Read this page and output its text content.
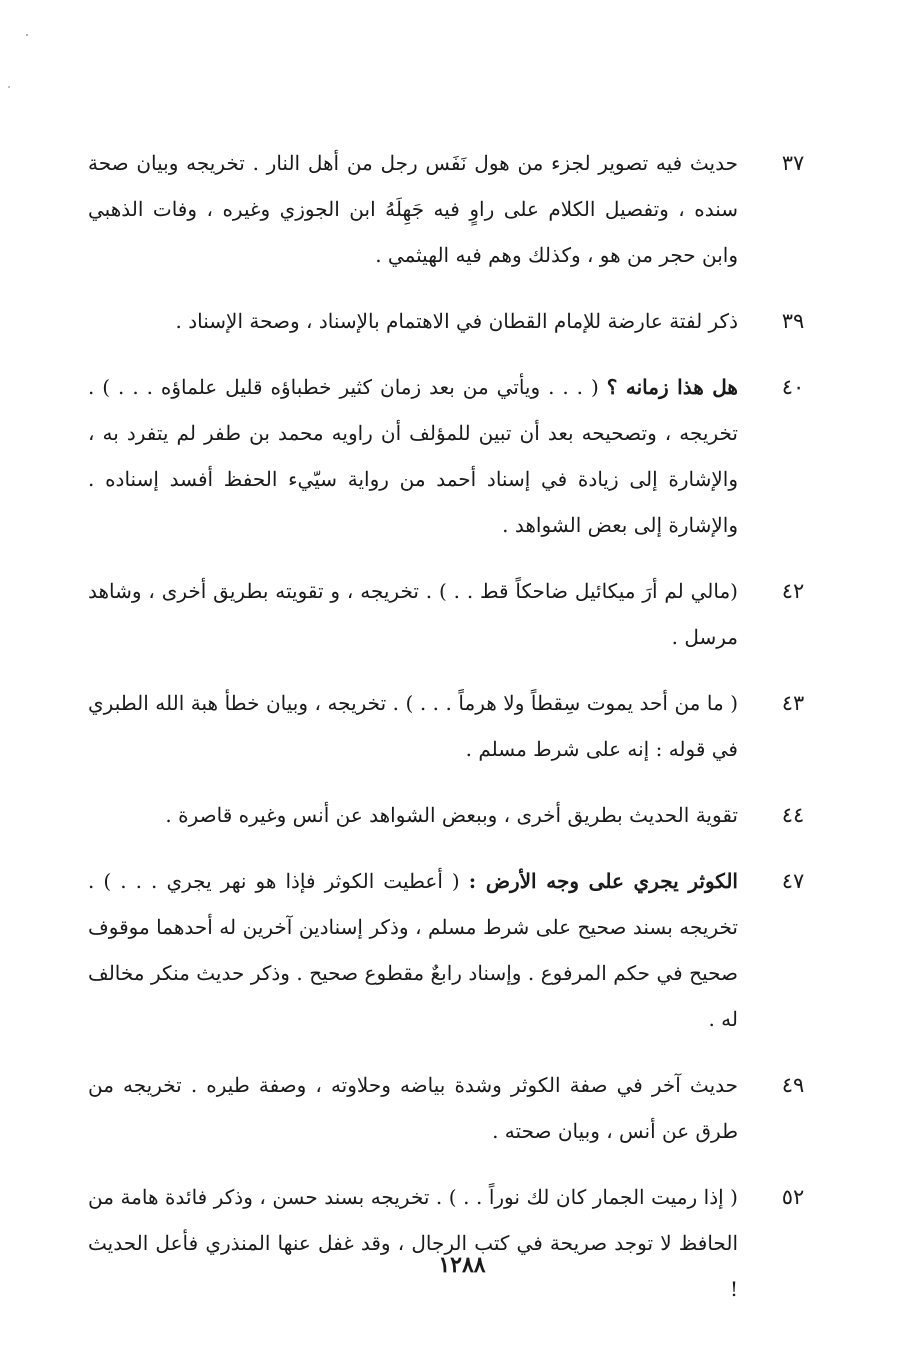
٣٧
حديث فيه تصوير لجزء من هول نَفَس رجل من أهل النار . تخريجه وبيان صحة سنده ، وتفصيل الكلام على راوٍ فيه جَهِلَهُ ابن الجوزي وغيره ، وفات الذهبي وابن حجر من هو ، وكذلك وهم فيه الهيثمي .
٣٩
ذكر لفتة عارضة للإمام القطان في الاهتمام بالإسناد ، وصحة الإسناد .
٤٠
هل هذا زمانه ؟ ( . . . ويأتي من بعد زمان كثير خطباؤه قليل علماؤه . . . ) . تخريجه ، وتصحيحه بعد أن تبين للمؤلف أن راويه محمد بن طفر لم يتفرد به ، والإشارة إلى زيادة في إسناد أحمد من رواية سيّيء الحفظ أفسد إسناده . والإشارة إلى بعض الشواهد .
٤٢
(مالي لم أرَ ميكائيل ضاحكاً قط . . ) . تخريجه ، و تقويته بطريق أخرى ، وشاهد مرسل .
٤٣
( ما من أحد يموت سِقطاً ولا هرماً . . . ) . تخريجه ، وبيان خطأ هبة الله الطبري في قوله : إنه على شرط مسلم .
٤٤
تقوية الحديث بطريق أخرى ، وببعض الشواهد عن أنس وغيره قاصرة .
٤٧
الكوثر يجري على وجه الأرض : ( أعطيت الكوثر فإذا هو نهر يجري . . . ) . تخريجه بسند صحيح على شرط مسلم ، وذكر إسنادين آخرين له أحدهما موقوف صحيح في حكم المرفوع . وإسناد رابعٌ مقطوع صحيح . وذكر حديث منكر مخالف له .
٤٩
حديث آخر في صفة الكوثر وشدة بياضه وحلاوته ، وصفة طيره . تخريجه من طرق عن أنس ، وبيان صحته .
٥٢
( إذا رميت الجمار كان لك نوراً . . ) . تخريجه بسند حسن ، وذكر فائدة هامة من الحافظ لا توجد صريحة في كتب الرجال ، وقد غفل عنها المنذري فأعل الحديث !
١٢٨٨
